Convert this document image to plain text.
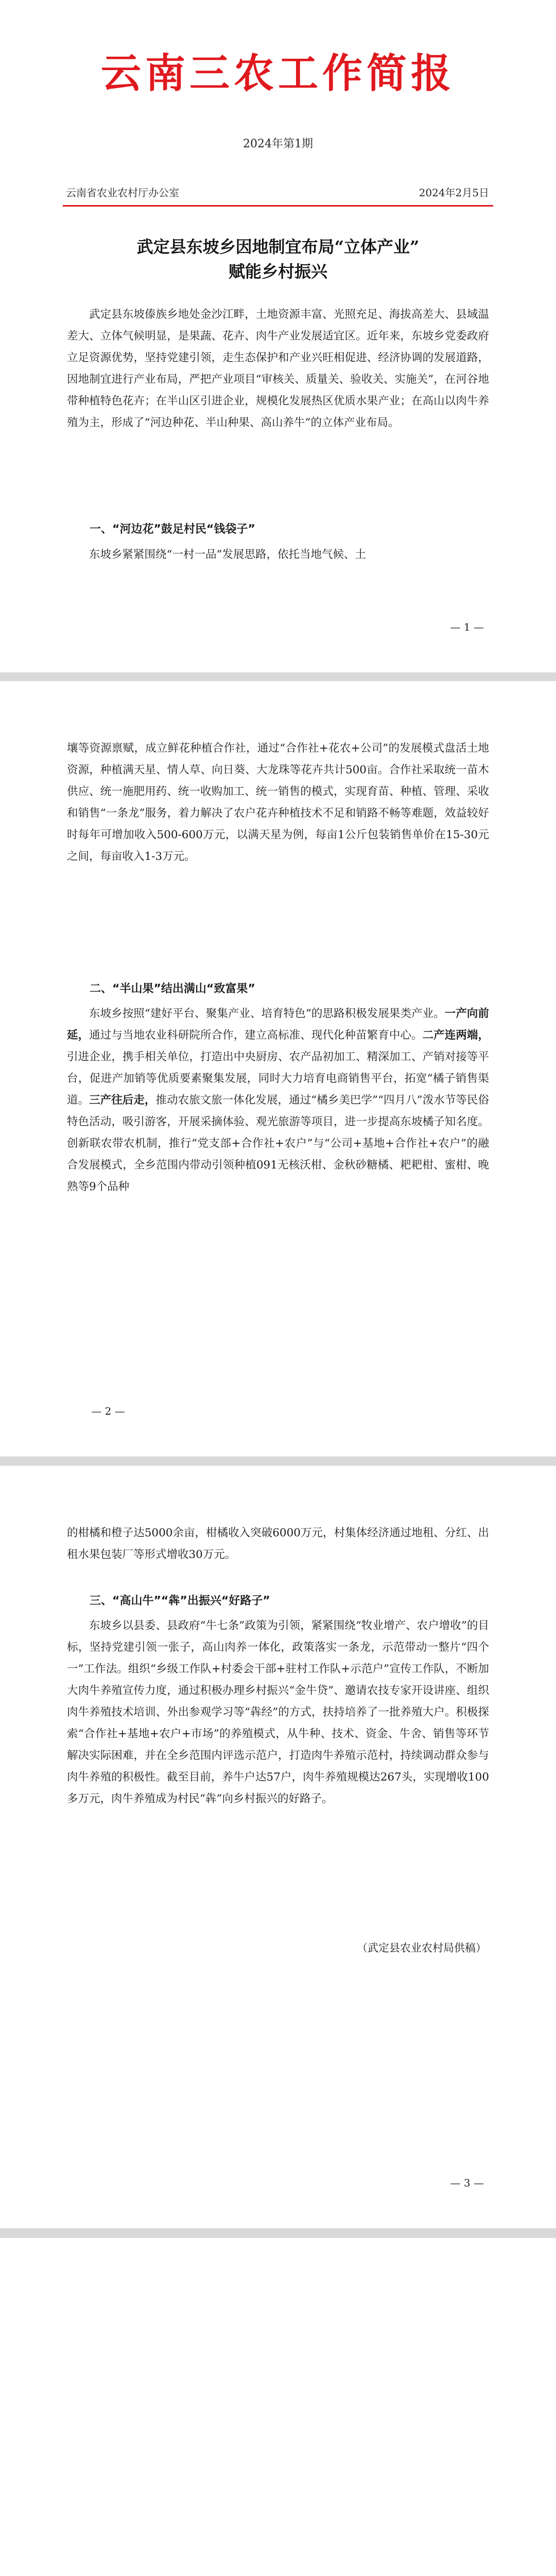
云南三农工作简报
2024年第1期
云南省农业农村厅办公室	2024年2月5日
武定县东坡乡因地制宜布局“立体产业”
赋能乡村振兴

武定县东坡傣族乡地处金沙江畔，土地资源丰富、光照充足、海拔高差大、县域温差大、立体气候明显，是果蔬、花卉、肉牛产业发展适宜区。近年来，东坡乡党委政府立足资源优势，坚持党建引领，走生态保护和产业兴旺相促进、经济协调的发展道路，因地制宜进行产业布局，严把产业项目“审核关、质量关、验收关、实施关”，在河谷地带种植特色花卉；在半山区引进企业，规模化发展热区优质水果产业；在高山以肉牛养殖为主，形成了“河边种花、半山种果、高山养牛”的立体产业布局。

一、“河边花”鼓足村民“钱袋子”

东坡乡紧紧围绕“一村一品”发展思路，依托当地气候、土

— 1 —

壤等资源禀赋，成立鲜花种植合作社，通过“合作社+花农+公司”的发展模式盘活土地资源，种植满天星、情人草、向日葵、大龙珠等花卉共计500亩。合作社采取统一苗木供应、统一施肥用药、统一收购加工、统一销售的模式，实现育苗、种植、管理、采收和销售“一条龙”服务，着力解决了农户花卉种植技术不足和销路不畅等难题，效益较好时每年可增加收入500-600万元，以满天星为例，每亩1公斤包装销售单价在15-30元之间，每亩收入1-3万元。

二、“半山果”结出满山“致富果”

东坡乡按照“建好平台、聚集产业、培育特色”的思路积极发展果类产业。一产向前延，通过与当地农业科研院所合作，建立高标准、现代化种苗繁育中心。二产连两端，引进企业，携手相关单位，打造出中央厨房、农产品初加工、精深加工、产销对接等平台，促进产加销等优质要素聚集发展，同时大力培育电商销售平台，拓宽“橘子销售渠道。三产往后走，推动农旅文旅一体化发展，通过“橘乡美巴学”“四月八”泼水节等民俗特色活动，吸引游客，开展采摘体验、观光旅游等项目，进一步提高东坡橘子知名度。创新联农带农机制，推行“党支部+合作社+农户”与“公司+基地+合作社+农户”的融合发展模式，全乡范围内带动引领种植091无核沃柑、金秋砂糖橘、耙耙柑、蜜柑、晚熟等9个品种

— 2 —

的柑橘和橙子达5000余亩，柑橘收入突破6000万元，村集体经济通过地租、分红、出租水果包装厂等形式增收30万元。

三、“高山牛”“犇”出振兴“好路子”

东坡乡以县委、县政府“牛七条”政策为引领，紧紧围绕“牧业增产、农户增收”的目标，坚持党建引领一张子，高山肉养一体化，政策落实一条龙，示范带动一整片“四个一”工作法。组织“乡级工作队+村委会干部+驻村工作队+示范户”宣传工作队，不断加大肉牛养殖宣传力度，通过积极办理乡村振兴“金牛贷”、邀请农技专家开设讲座、组织肉牛养殖技术培训、外出参观学习等“犇经”的方式，扶持培养了一批养殖大户。积极探索“合作社+基地+农户+市场”的养殖模式，从牛种、技术、资金、牛舍、销售等环节解决实际困难，并在全乡范围内评选示范户，打造肉牛养殖示范村，持续调动群众参与肉牛养殖的积极性。截至目前，养牛户达57户，肉牛养殖规模达267头，实现增收100多万元，肉牛养殖成为村民“犇”向乡村振兴的好路子。

（武定县农业农村局供稿）
— 3 —
